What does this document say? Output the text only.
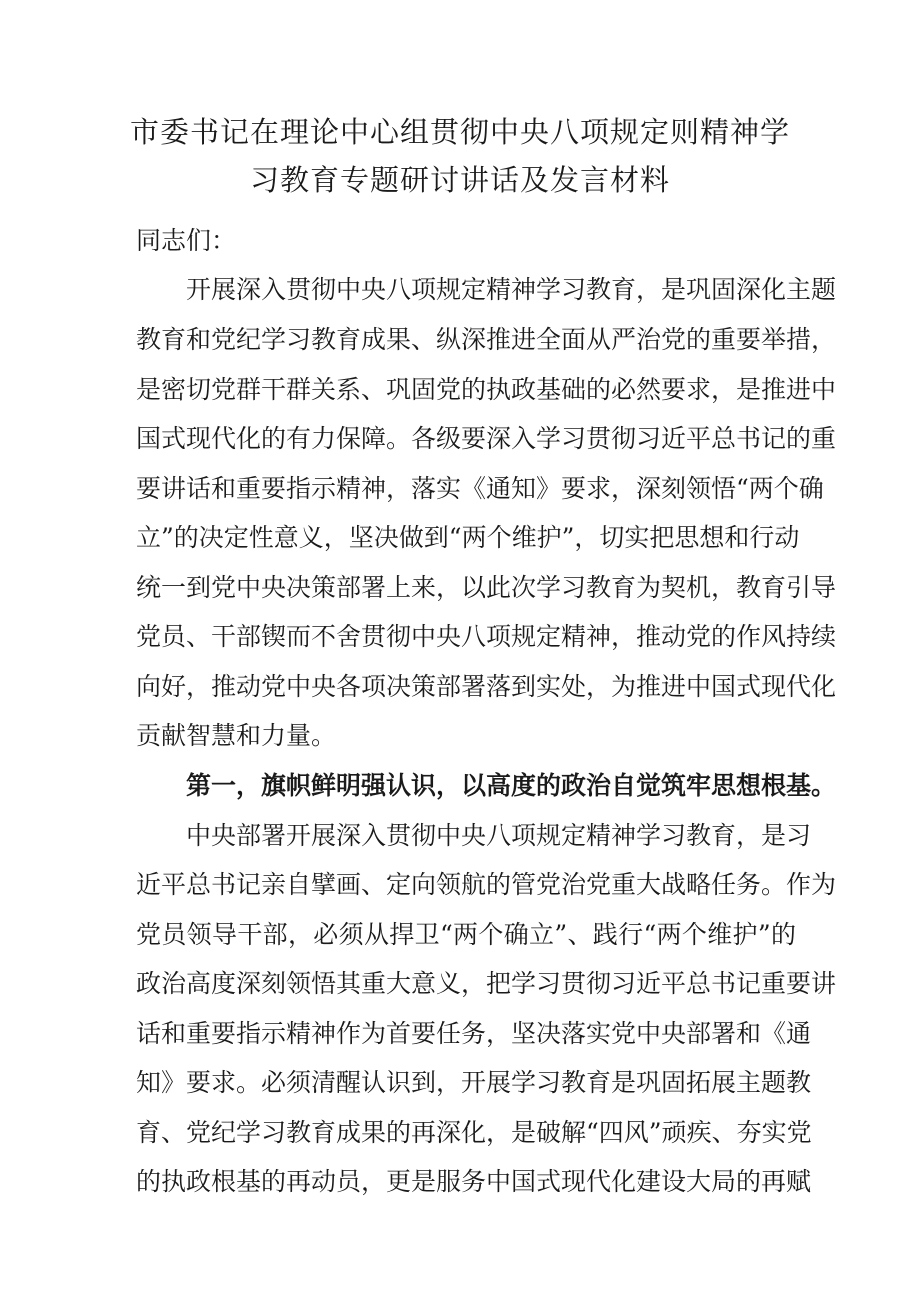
市委书记在理论中心组贯彻中央八项规定则精神学
习教育专题研讨讲话及发言材料

同志们：

开展深入贯彻中央八项规定精神学习教育，是巩固深化主题

教育和党纪学习教育成果、纵深推进全面从严治党的重要举措，

是密切党群干群关系、巩固党的执政基础的必然要求，是推进中

国式现代化的有力保障。各级要深入学习贯彻习近平总书记的重

要讲话和重要指示精神，落实《通知》要求，深刻领悟“两个确

立”的决定性意义，坚决做到“两个维护”，切实把思想和行动

统一到党中央决策部署上来，以此次学习教育为契机，教育引导

党员、干部锲而不舍贯彻中央八项规定精神，推动党的作风持续

向好，推动党中央各项决策部署落到实处，为推进中国式现代化

贡献智慧和力量。

第一，旗帜鲜明强认识，以高度的政治自觉筑牢思想根基。

中央部署开展深入贯彻中央八项规定精神学习教育，是习

近平总书记亲自擘画、定向领航的管党治党重大战略任务。作为

党员领导干部，必须从捍卫“两个确立”、践行“两个维护”的

政治高度深刻领悟其重大意义，把学习贯彻习近平总书记重要讲

话和重要指示精神作为首要任务，坚决落实党中央部署和《通

知》要求。必须清醒认识到，开展学习教育是巩固拓展主题教

育、党纪学习教育成果的再深化，是破解“四风”顽疾、夯实党

的执政根基的再动员，更是服务中国式现代化建设大局的再赋
